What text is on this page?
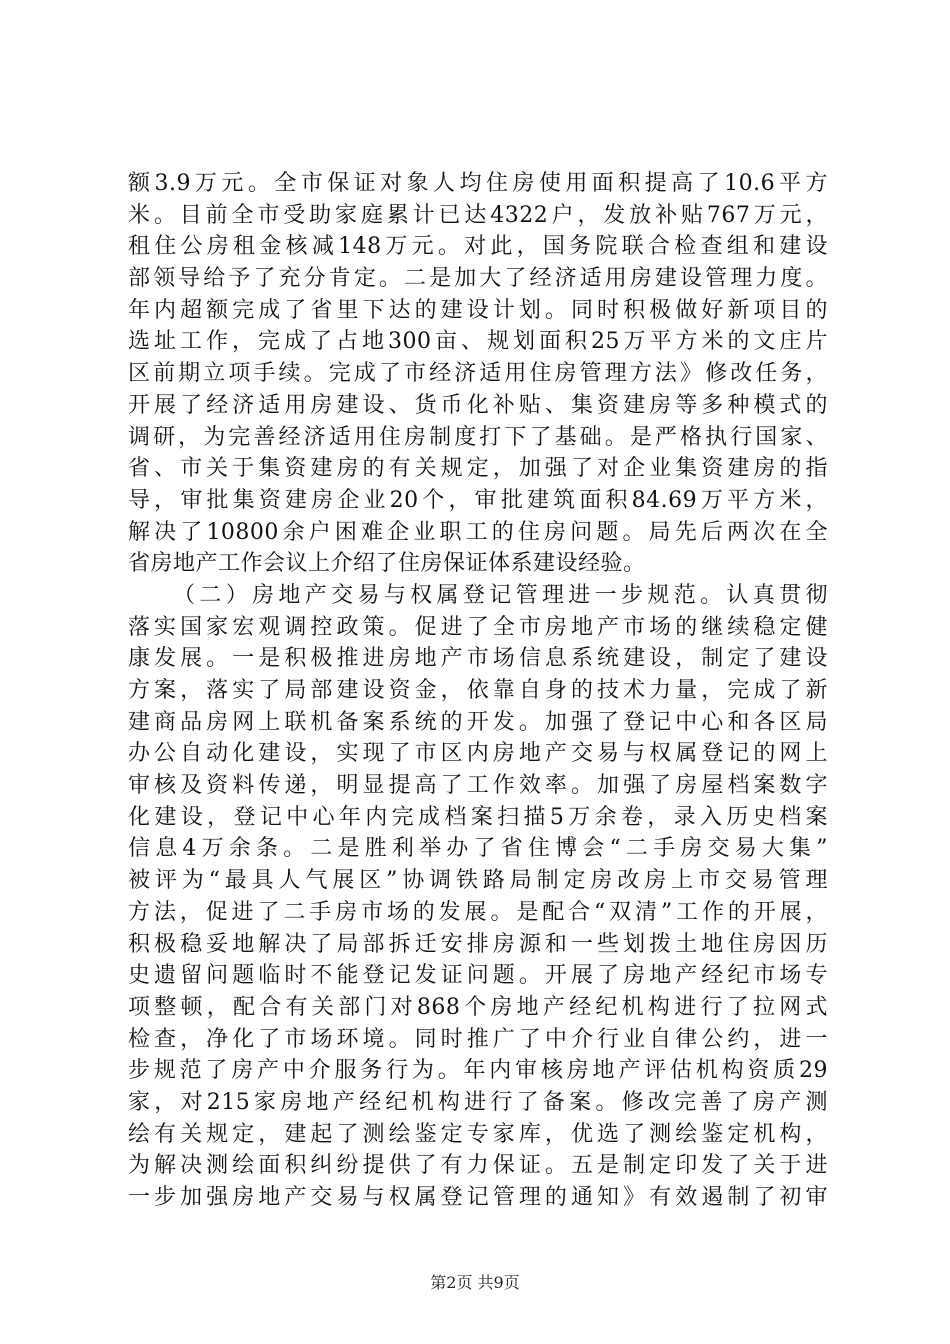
额3.9万元。全市保证对象人均住房使用面积提高了10.6平方
米。目前全市受助家庭累计已达4322户，发放补贴767万元，
租住公房租金核减148万元。对此，国务院联合检查组和建设
部领导给予了充分肯定。二是加大了经济适用房建设管理力度。
年内超额完成了省里下达的建设计划。同时积极做好新项目的
选址工作，完成了占地300亩、规划面积25万平方米的文庄片
区前期立项手续。完成了市经济适用住房管理方法》修改任务，
开展了经济适用房建设、货币化补贴、集资建房等多种模式的
调研，为完善经济适用住房制度打下了基础。是严格执行国家、
省、市关于集资建房的有关规定，加强了对企业集资建房的指
导，审批集资建房企业20个，审批建筑面积84.69万平方米，
解决了10800余户困难企业职工的住房问题。局先后两次在全
省房地产工作会议上介绍了住房保证体系建设经验。
（二）房地产交易与权属登记管理进一步规范。认真贯彻
落实国家宏观调控政策。促进了全市房地产市场的继续稳定健
康发展。一是积极推进房地产市场信息系统建设，制定了建设
方案，落实了局部建设资金，依靠自身的技术力量，完成了新
建商品房网上联机备案系统的开发。加强了登记中心和各区局
办公自动化建设，实现了市区内房地产交易与权属登记的网上
审核及资料传递，明显提高了工作效率。加强了房屋档案数字
化建设，登记中心年内完成档案扫描5万余卷，录入历史档案
信息4万余条。二是胜利举办了省住博会“二手房交易大集”
被评为“最具人气展区”协调铁路局制定房改房上市交易管理
方法，促进了二手房市场的发展。是配合“双清”工作的开展，
积极稳妥地解决了局部拆迁安排房源和一些划拨土地住房因历
史遗留问题临时不能登记发证问题。开展了房地产经纪市场专
项整顿，配合有关部门对868个房地产经纪机构进行了拉网式
检查，净化了市场环境。同时推广了中介行业自律公约，进一
步规范了房产中介服务行为。年内审核房地产评估机构资质29
家，对215家房地产经纪机构进行了备案。修改完善了房产测
绘有关规定，建起了测绘鉴定专家库，优选了测绘鉴定机构，
为解决测绘面积纠纷提供了有力保证。五是制定印发了关于进
一步加强房地产交易与权属登记管理的通知》有效遏制了初审
第2页 共9页
